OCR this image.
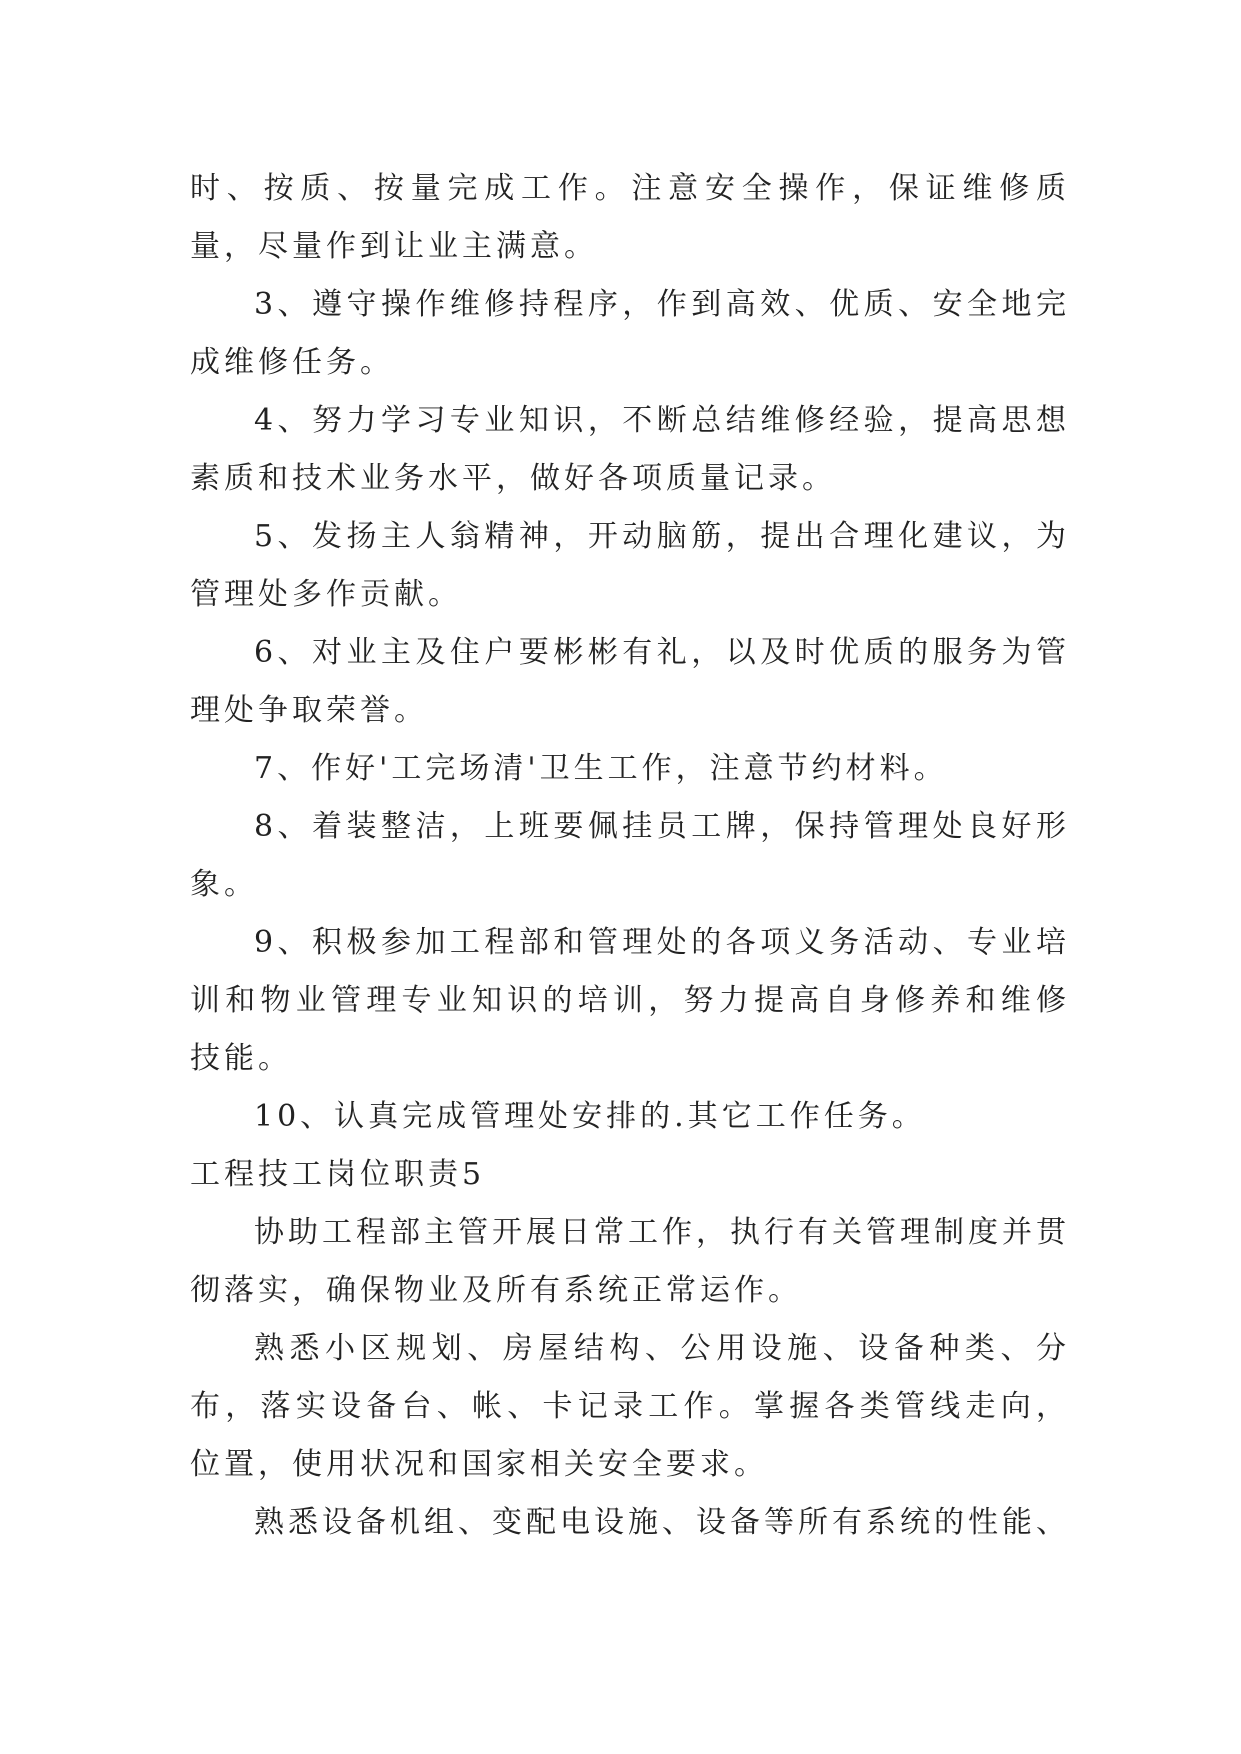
时、按质、按量完成工作。注意安全操作，保证维修质量，尽量作到让业主满意。

3、遵守操作维修持程序，作到高效、优质、安全地完成维修任务。

4、努力学习专业知识，不断总结维修经验，提高思想素质和技术业务水平，做好各项质量记录。

5、发扬主人翁精神，开动脑筋，提出合理化建议，为管理处多作贡献。

6、对业主及住户要彬彬有礼，以及时优质的服务为管理处争取荣誉。

7、作好'工完场清'卫生工作，注意节约材料。

8、着装整洁，上班要佩挂员工牌，保持管理处良好形象。

9、积极参加工程部和管理处的各项义务活动、专业培训和物业管理专业知识的培训，努力提高自身修养和维修技能。

10、认真完成管理处安排的.其它工作任务。

工程技工岗位职责5

协助工程部主管开展日常工作，执行有关管理制度并贯彻落实，确保物业及所有系统正常运作。

熟悉小区规划、房屋结构、公用设施、设备种类、分布，落实设备台、帐、卡记录工作。掌握各类管线走向，位置，使用状况和国家相关安全要求。

熟悉设备机组、变配电设施、设备等所有系统的性能、
